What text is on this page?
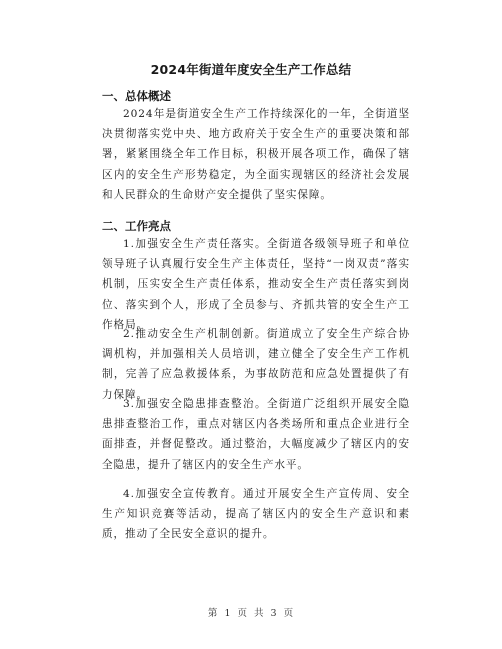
2024年街道年度安全生产工作总结
一、总体概述

2024年是街道安全生产工作持续深化的一年，全街道坚决贯彻落实党中央、地方政府关于安全生产的重要决策和部署，紧紧围绕全年工作目标，积极开展各项工作，确保了辖区内的安全生产形势稳定，为全面实现辖区的经济社会发展和人民群众的生命财产安全提供了坚实保障。

二、工作亮点

1.加强安全生产责任落实。全街道各级领导班子和单位领导班子认真履行安全生产主体责任，坚持“一岗双责”落实机制，压实安全生产责任体系，推动安全生产责任落实到岗位、落实到个人，形成了全员参与、齐抓共管的安全生产工作格局。

2.推动安全生产机制创新。街道成立了安全生产综合协调机构，并加强相关人员培训，建立健全了安全生产工作机制，完善了应急救援体系，为事故防范和应急处置提供了有力保障。

3.加强安全隐患排查整治。全街道广泛组织开展安全隐患排查整治工作，重点对辖区内各类场所和重点企业进行全面排查，并督促整改。通过整治，大幅度减少了辖区内的安全隐患，提升了辖区内的安全生产水平。

4.加强安全宣传教育。通过开展安全生产宣传周、安全生产知识竞赛等活动，提高了辖区内的安全生产意识和素质，推动了全民安全意识的提升。

第 1 页 共 3 页
